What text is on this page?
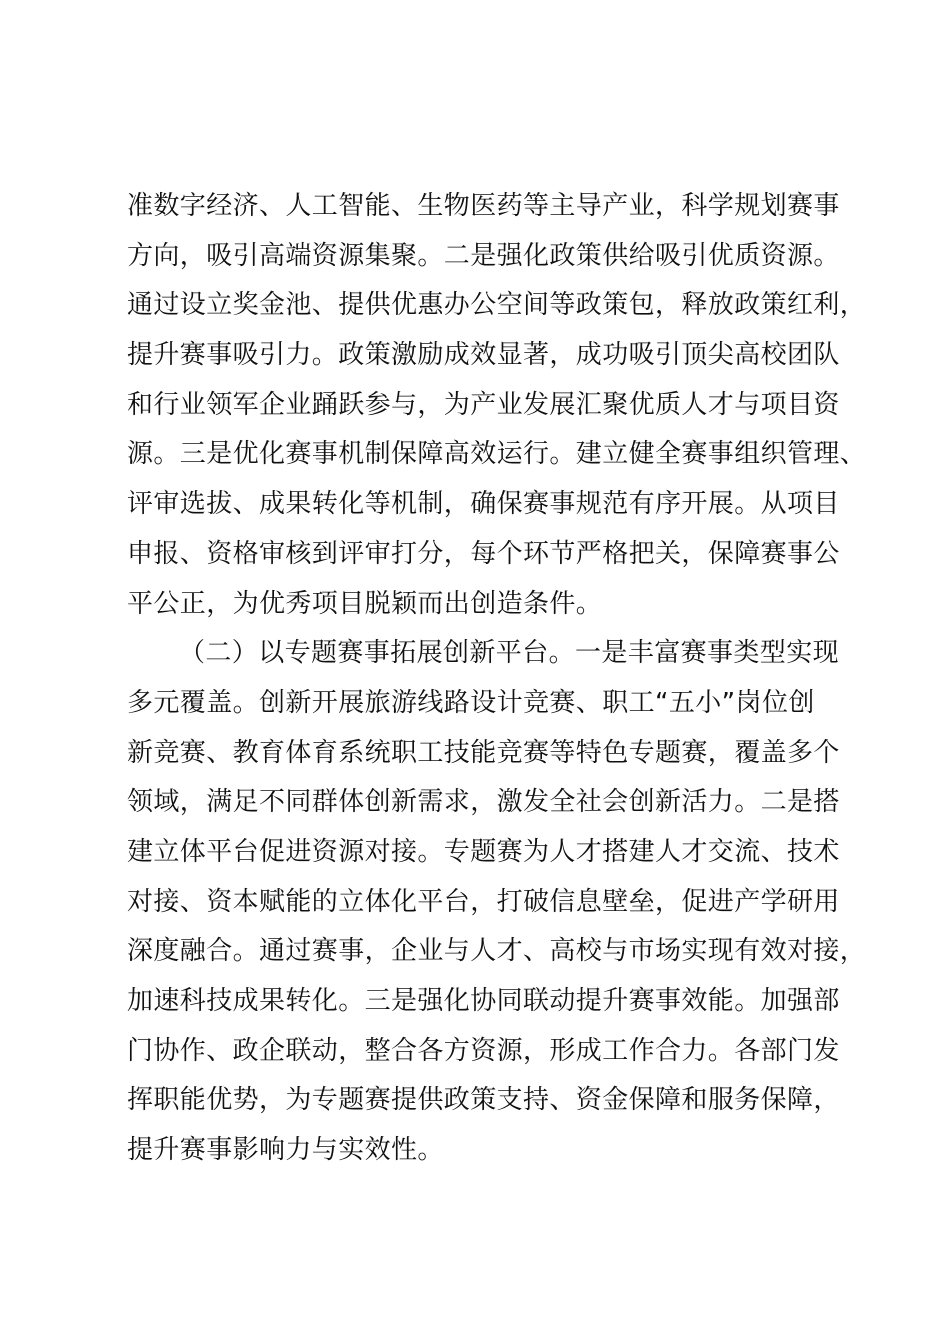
准数字经济、人工智能、生物医药等主导产业，科学规划赛事
方向，吸引高端资源集聚。二是强化政策供给吸引优质资源。
通过设立奖金池、提供优惠办公空间等政策包，释放政策红利，
提升赛事吸引力。政策激励成效显著，成功吸引顶尖高校团队
和行业领军企业踊跃参与，为产业发展汇聚优质人才与项目资
源。三是优化赛事机制保障高效运行。建立健全赛事组织管理、
评审选拔、成果转化等机制，确保赛事规范有序开展。从项目
申报、资格审核到评审打分，每个环节严格把关，保障赛事公
平公正，为优秀项目脱颖而出创造条件。
（二）以专题赛事拓展创新平台。一是丰富赛事类型实现
多元覆盖。创新开展旅游线路设计竞赛、职工“五小”岗位创
新竞赛、教育体育系统职工技能竞赛等特色专题赛，覆盖多个
领域，满足不同群体创新需求，激发全社会创新活力。二是搭
建立体平台促进资源对接。专题赛为人才搭建人才交流、技术
对接、资本赋能的立体化平台，打破信息壁垒，促进产学研用
深度融合。通过赛事，企业与人才、高校与市场实现有效对接，
加速科技成果转化。三是强化协同联动提升赛事效能。加强部
门协作、政企联动，整合各方资源，形成工作合力。各部门发
挥职能优势，为专题赛提供政策支持、资金保障和服务保障，
提升赛事影响力与实效性。
